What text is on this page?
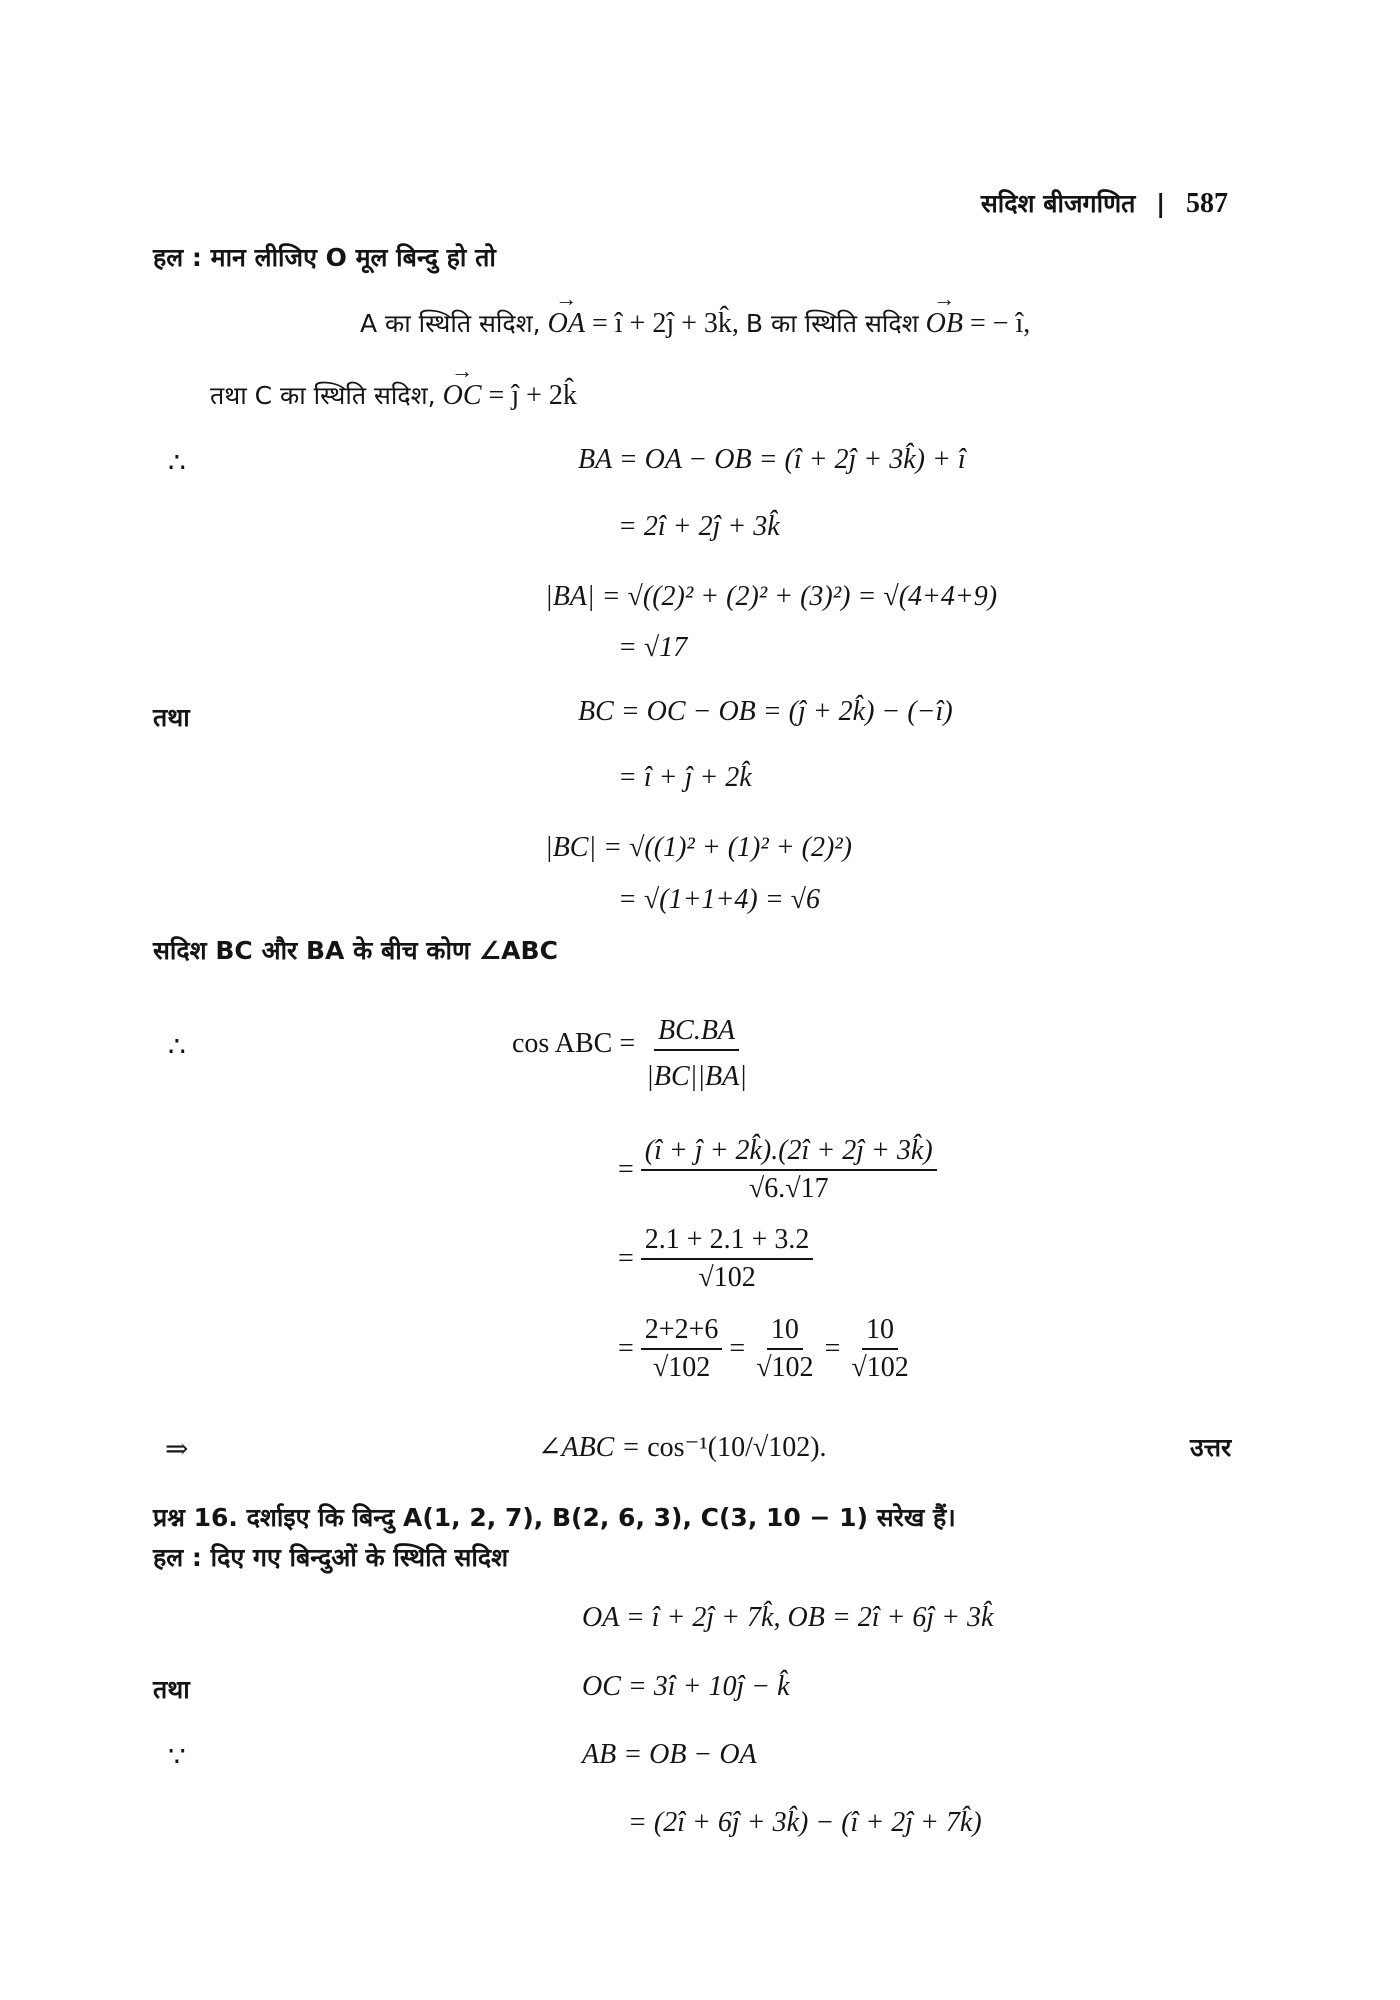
सदिश बीजगणित | 587
हल : मान लीजिए O मूल बिन्दु हो तो
A का स्थिति सदिश, → OA = î + 2ĵ + 3k̂, B का स्थिति सदिश → OB = − î,
तथा C का स्थिति सदिश, → OC = ĵ + 2k̂
∴	BA = OA − OB = (î + 2ĵ + 3k̂) + î
= 2î + 2ĵ + 3k̂
|BA| = √((2)² + (2)² + (3)²) = √(4+4+9)
= √17
तथा	BC = OC − OB = (ĵ + 2k̂) − (−î)
= î + ĵ + 2k̂
|BC| = √((1)² + (1)² + (2)²)
= √(1+1+4) = √6
सदिश BC और BA के बीच कोण ∠ABC
∴	cos ABC = $\frac{BC.BA}{|BC||BA|}$
= $\frac{(î + ĵ + 2k̂).(2î + 2ĵ + 3k̂)}{√6.√17}$
= $\frac{2.1 + 2.1 + 3.2}{√102}$
= $\frac{2+2+6}{√102} = \frac{10}{√102} = \frac{10}{√102}$
⇒	∠ABC = cos⁻¹(10/√102).	उत्तर
प्रश्न 16. दर्शाइए कि बिन्दु A(1, 2, 7), B(2, 6, 3), C(3, 10 − 1) सरेख हैं।
हल : दिए गए बिन्दुओं के स्थिति सदिश
OA = î + 2ĵ + 7k̂, OB = 2î + 6ĵ + 3k̂
तथा	OC = 3î + 10ĵ − k̂
∵	AB = OB − OA
= (2î + 6ĵ + 3k̂) − (î + 2ĵ + 7k̂)
